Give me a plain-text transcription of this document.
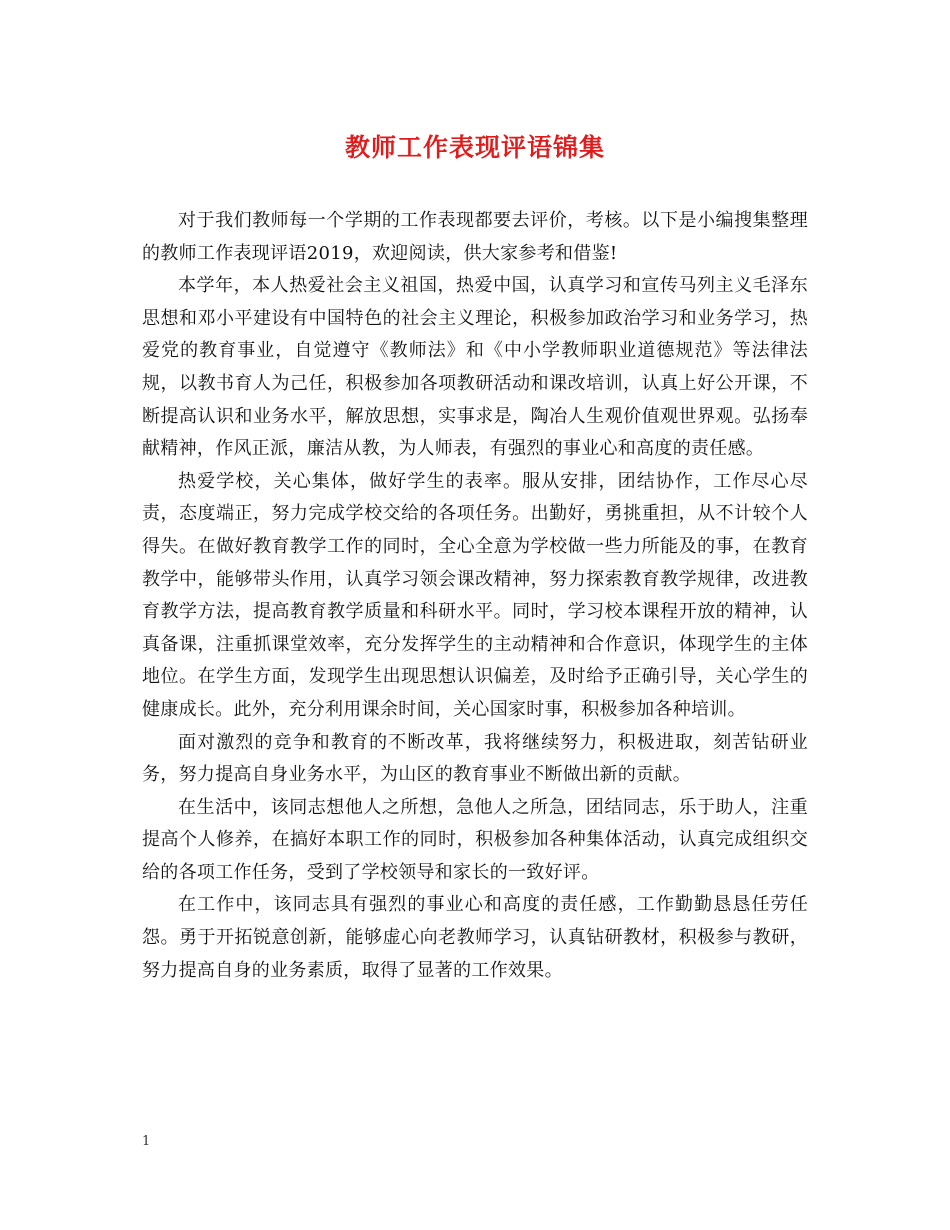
教师工作表现评语锦集

对于我们教师每一个学期的工作表现都要去评价，考核。以下是小编搜集整理的教师工作表现评语2019，欢迎阅读，供大家参考和借鉴!

本学年，本人热爱社会主义祖国，热爱中国，认真学习和宣传马列主义毛泽东思想和邓小平建设有中国特色的社会主义理论，积极参加政治学习和业务学习，热爱党的教育事业，自觉遵守《教师法》和《中小学教师职业道德规范》等法律法规，以教书育人为己任，积极参加各项教研活动和课改培训，认真上好公开课，不断提高认识和业务水平，解放思想，实事求是，陶冶人生观价值观世界观。弘扬奉献精神，作风正派，廉洁从教，为人师表，有强烈的事业心和高度的责任感。

热爱学校，关心集体，做好学生的表率。服从安排，团结协作，工作尽心尽责，态度端正，努力完成学校交给的各项任务。出勤好，勇挑重担，从不计较个人得失。在做好教育教学工作的同时，全心全意为学校做一些力所能及的事，在教育教学中，能够带头作用，认真学习领会课改精神，努力探索教育教学规律，改进教育教学方法，提高教育教学质量和科研水平。同时，学习校本课程开放的精神，认真备课，注重抓课堂效率，充分发挥学生的主动精神和合作意识，体现学生的主体地位。在学生方面，发现学生出现思想认识偏差，及时给予正确引导，关心学生的健康成长。此外，充分利用课余时间，关心国家时事，积极参加各种培训。

面对激烈的竞争和教育的不断改革，我将继续努力，积极进取，刻苦钻研业务，努力提高自身业务水平，为山区的教育事业不断做出新的贡献。

在生活中，该同志想他人之所想，急他人之所急，团结同志，乐于助人，注重提高个人修养，在搞好本职工作的同时，积极参加各种集体活动，认真完成组织交给的各项工作任务，受到了学校领导和家长的一致好评。

在工作中，该同志具有强烈的事业心和高度的责任感，工作勤勤恳恳任劳任怨。勇于开拓锐意创新，能够虚心向老教师学习，认真钻研教材，积极参与教研，努力提高自身的业务素质，取得了显著的工作效果。

1
